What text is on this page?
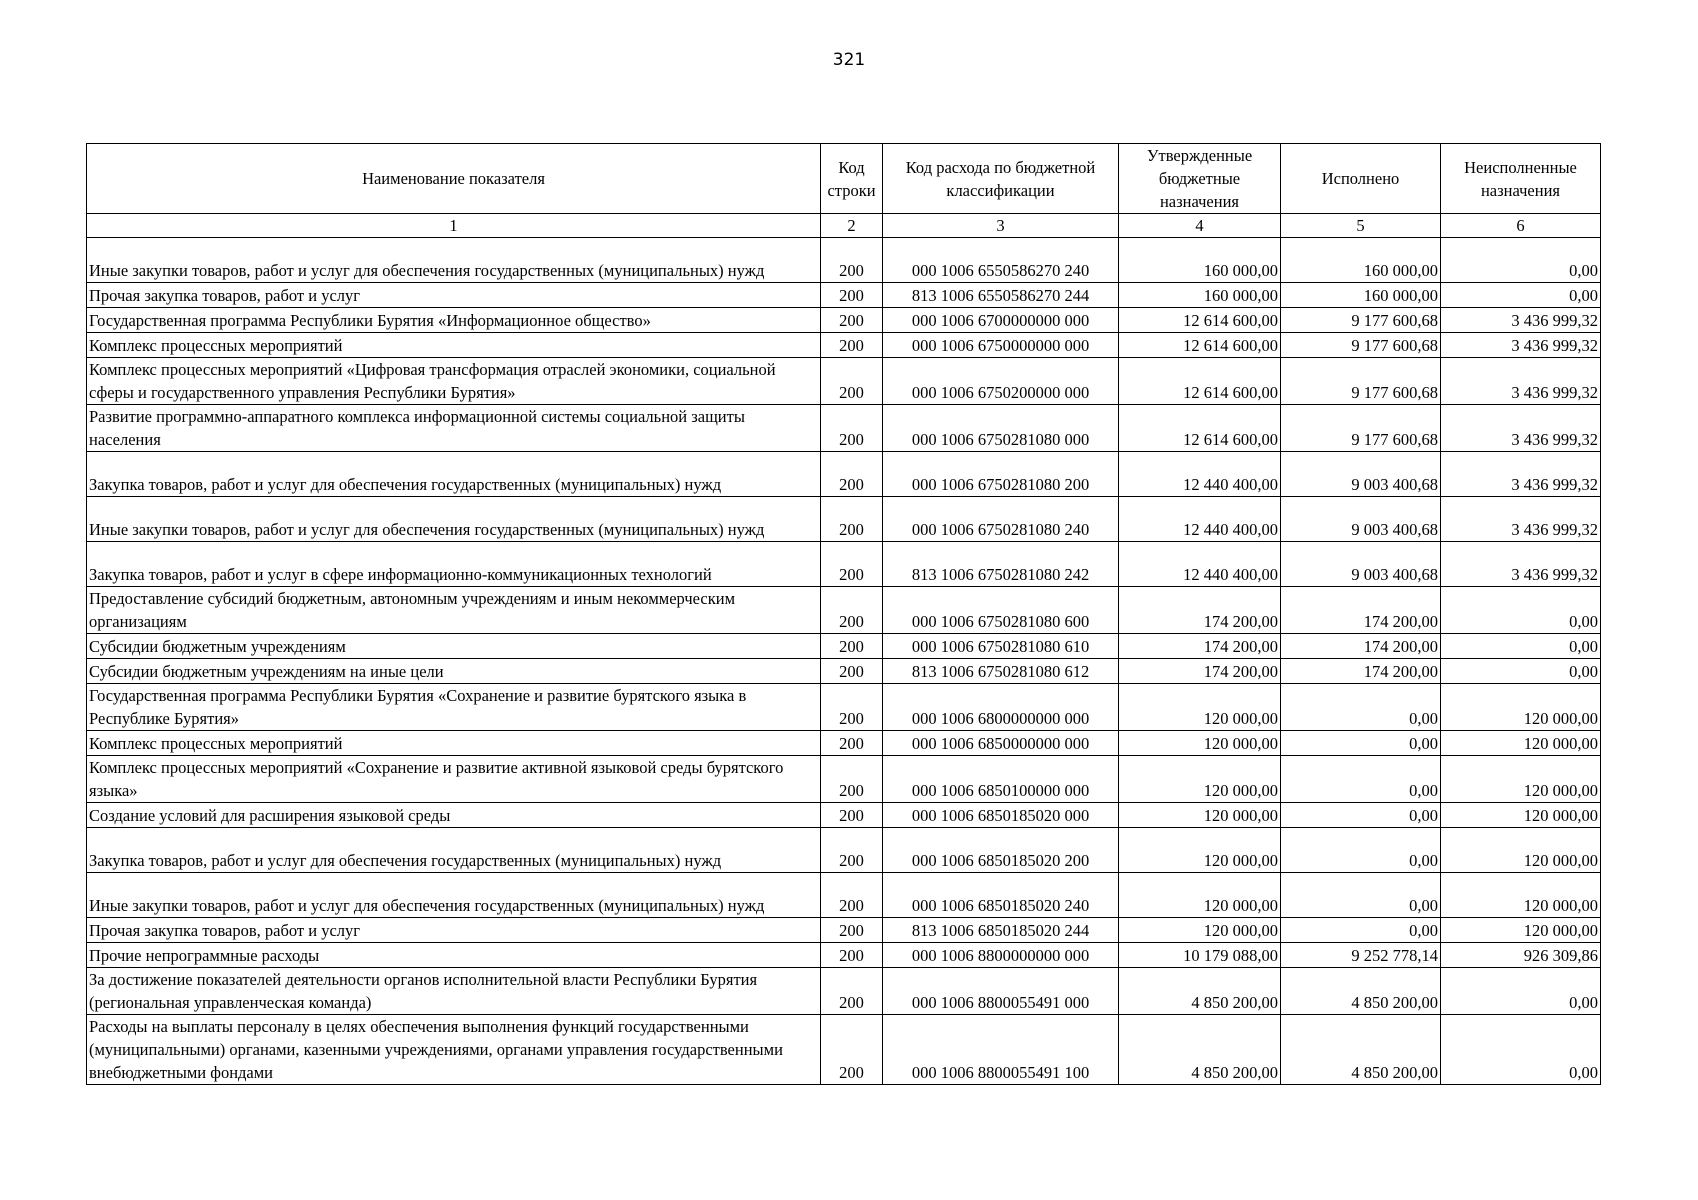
321
Наименование показателя	Код строки	Код расхода по бюджетной классификации	Утвержденные бюджетные назначения	Исполнено	Неисполненные назначения
1	2	3	4	5	6
Иные закупки товаров, работ и услуг для обеспечения государственных (муниципальных) нужд	200	000 1006 6550586270 240	160 000,00	160 000,00	0,00
Прочая закупка товаров, работ и услуг	200	813 1006 6550586270 244	160 000,00	160 000,00	0,00
Государственная программа Республики Бурятия «Информационное общество»	200	000 1006 6700000000 000	12 614 600,00	9 177 600,68	3 436 999,32
Комплекс процессных мероприятий	200	000 1006 6750000000 000	12 614 600,00	9 177 600,68	3 436 999,32
Комплекс процессных мероприятий «Цифровая трансформация отраслей экономики, социальной сферы и государственного управления Республики Бурятия»	200	000 1006 6750200000 000	12 614 600,00	9 177 600,68	3 436 999,32
Развитие программно-аппаратного комплекса информационной системы социальной защиты населения	200	000 1006 6750281080 000	12 614 600,00	9 177 600,68	3 436 999,32
Закупка товаров, работ и услуг для обеспечения государственных (муниципальных) нужд	200	000 1006 6750281080 200	12 440 400,00	9 003 400,68	3 436 999,32
Иные закупки товаров, работ и услуг для обеспечения государственных (муниципальных) нужд	200	000 1006 6750281080 240	12 440 400,00	9 003 400,68	3 436 999,32
Закупка товаров, работ и услуг в сфере информационно-коммуникационных технологий	200	813 1006 6750281080 242	12 440 400,00	9 003 400,68	3 436 999,32
Предоставление субсидий бюджетным, автономным учреждениям и иным некоммерческим организациям	200	000 1006 6750281080 600	174 200,00	174 200,00	0,00
Субсидии бюджетным учреждениям	200	000 1006 6750281080 610	174 200,00	174 200,00	0,00
Субсидии бюджетным учреждениям на иные цели	200	813 1006 6750281080 612	174 200,00	174 200,00	0,00
Государственная программа Республики Бурятия «Сохранение и развитие бурятского языка в Республике Бурятия»	200	000 1006 6800000000 000	120 000,00	0,00	120 000,00
Комплекс процессных мероприятий	200	000 1006 6850000000 000	120 000,00	0,00	120 000,00
Комплекс процессных мероприятий «Сохранение и развитие активной языковой среды бурятского языка»	200	000 1006 6850100000 000	120 000,00	0,00	120 000,00
Создание условий для расширения языковой среды	200	000 1006 6850185020 000	120 000,00	0,00	120 000,00
Закупка товаров, работ и услуг для обеспечения государственных (муниципальных) нужд	200	000 1006 6850185020 200	120 000,00	0,00	120 000,00
Иные закупки товаров, работ и услуг для обеспечения государственных (муниципальных) нужд	200	000 1006 6850185020 240	120 000,00	0,00	120 000,00
Прочая закупка товаров, работ и услуг	200	813 1006 6850185020 244	120 000,00	0,00	120 000,00
Прочие непрограммные расходы	200	000 1006 8800000000 000	10 179 088,00	9 252 778,14	926 309,86
За достижение показателей деятельности органов исполнительной власти Республики Бурятия (региональная управленческая команда)	200	000 1006 8800055491 000	4 850 200,00	4 850 200,00	0,00
Расходы на выплаты персоналу в целях обеспечения выполнения функций государственными (муниципальными) органами, казенными учреждениями, органами управления государственными внебюджетными фондами	200	000 1006 8800055491 100	4 850 200,00	4 850 200,00	0,00
